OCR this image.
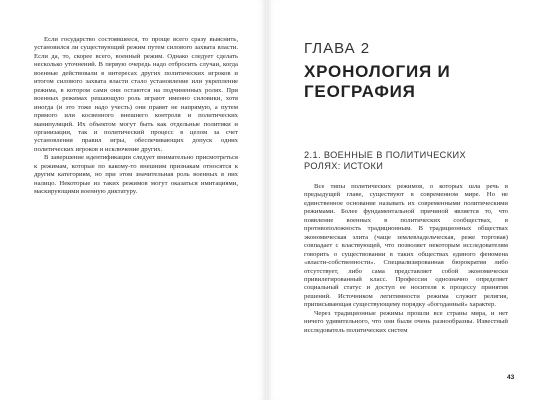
Если государство состоявшееся, то проще всего сразу выяснить, установился ли существующий режим путем силового захвата власти. Если да, то, скорее всего, военный режим. Однако следует сделать несколько уточнений. В первую очередь надо отбросить случаи, когда военные действовали в интересах других политических игроков и итогом силового захвата власти стало установление или укрепление режима, в котором сами они остаются на подчиненных ролях. При военных режимах решающую роль играют именно силовики, хотя иногда (и это тоже надо учесть) они правят не напрямую, а путем прямого или косвенного внешнего контроля и политических манипуляций. Их объектом могут быть как отдельные политики и организации, так и политический процесс в целом за счет установления правил игры, обеспечивающих допуск одних политических игроков и исключение других.

В завершение идентификации следует внимательно присмотреться к режимам, которые по какому-то внешним признакам относятся к другим категориям, но при этом значительная роль военных в них налицо. Некоторые из таких режимов могут оказаться имитациями, маскирующими военную диктатуру.

Все типы политических режимов, о которых шла речь в предыдущей главе, существуют в современном мире. Но не единственное основание называть их современными политическими режимами. Более фундаментальной причиной является то, что появление военных в политических сообществах, в противоположность традиционным. В традиционных обществах экономическая элита (чаще землевладельческая, реже торговая) совпадает с властвующей, что позволяет некоторым исследователям говорить о существовании в таких обществах единого феномена «власти-собственности». Специализированная бюрократия либо отсутствует, либо сама представляет собой экономически привилегированный класс. Профессия однозначно определяет социальный статус и доступ ее носителя к процессу принятия решений. Источником легитимности режима служит религия, приписывающая существующему порядку «богоданный» характер.

Через традиционные режимы прошли все страны мира, и нет ничего удивительного, что они были очень разнообразны. Известный исследователь политических систем

ГЛАВА 2
ХРОНОЛОГИЯ И ГЕОГРАФИЯ
2.1. ВОЕННЫЕ В ПОЛИТИЧЕСКИХ РОЛЯХ: ИСТОКИ
43
